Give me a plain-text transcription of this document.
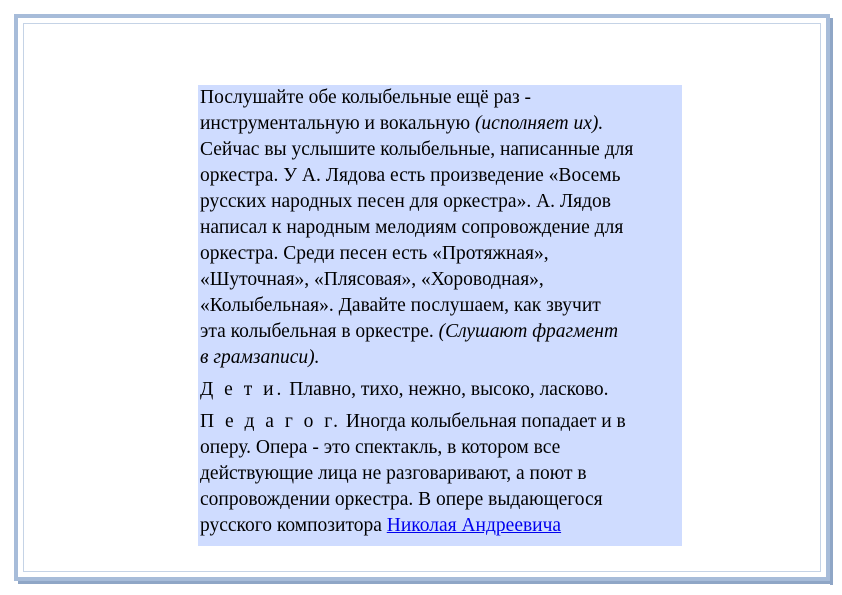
Послушайте обе колыбельные ещё раз -
инструментальную и вокальную (исполняет их).
Сейчас вы услышите колыбельные, написанные для
оркестра. У А. Лядова есть произведение «Восемь
русских народных песен для оркестра». А. Лядов
написал к народным мелодиям сопровождение для
оркестра. Среди песен есть «Протяжная»,
«Шуточная», «Плясовая», «Хороводная»,
«Колыбельная». Давайте послушаем, как звучит
эта колыбельная в оркестре. (Слушают фрагмент
в грамзаписи).

Д е т и. Плавно, тихо, нежно, высоко, ласково.

П е д а г о г. Иногда колыбельная попадает и в
оперу. Опера - это спектакль, в котором все
действующие лица не разговаривают, а поют в
сопровождении оркестра. В опере выдающегося
русского композитора Николая Андреевича
